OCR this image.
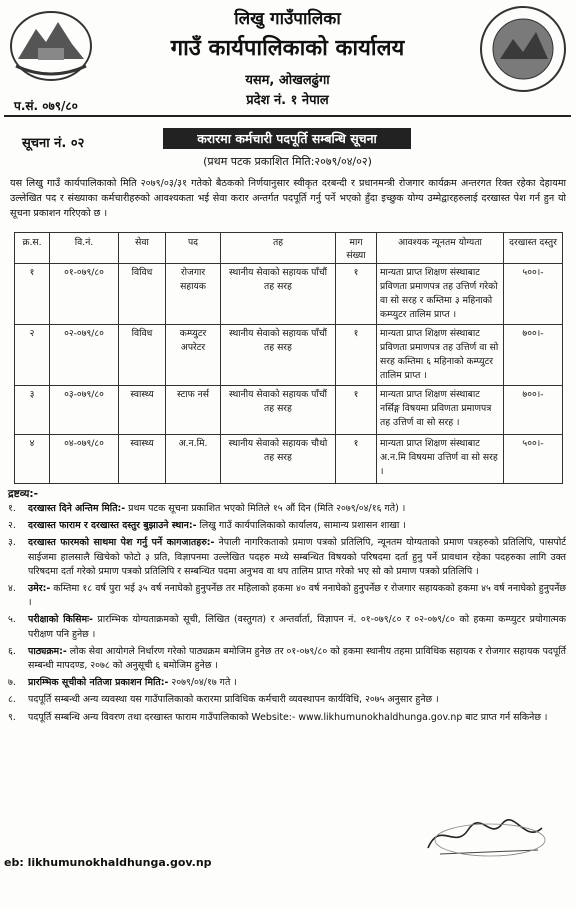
लिखु गाउँपालिका
गाउँ कार्यपालिकाको कार्यालय
यसम, ओखलढुंगा
प्रदेश नं. १ नेपाल
प.सं. ०७९/८०
सूचना नं. ०२	करारमा कर्मचारी पदपूर्ति सम्बन्धि सूचना
(प्रथम पटक प्रकाशित मिति:२०७९/०४/०२)
यस लिखु गाउँ कार्यपालिकाको मिति २०७९/०३/३१ गतेको बैठकको निर्णयानुसार स्वीकृत दरबन्दी र प्रधानमन्त्री रोजगार कार्यक्रम अन्तरगत रिक्त रहेका देहायमा उल्लेखित पद र संख्याका कर्मचारीहरुको आवश्यकता भई सेवा करार अन्तर्गत पदपूर्ति गर्नु पर्ने भएको हुँदा इच्छुक योग्य उम्मेद्वारहरुलाई दरखास्त पेश गर्न हुन यो सूचना प्रकाशन गरिएको छ ।
क्र.स.	वि.नं.	सेवा	पद	तह	माग संख्या	आवश्यक न्यूनतम योग्यता	दरखास्त दस्तुर
१	०१-०७९/८०	विविध	रोजगार सहायक	स्थानीय सेवाको सहायक पाँचौं तह सरह	१	मान्यता प्राप्त शिक्षण संस्थाबाट प्रविणता प्रमाणपत्र तह उत्तिर्ण गरेको वा सो सरह र कम्तिमा ३ महिनाको कम्प्युटर तालिम प्राप्त ।	५००।-
२	०२-०७९/८०	विविध	कम्प्युटर अपरेटर	स्थानीय सेवाको सहायक पाँचौं तह सरह	१	मान्यता प्राप्त शिक्षण संस्थाबाट प्रविणता प्रमाणपत्र तह उत्तिर्ण वा सो सरह कम्तिमा ६ महिनाको कम्प्युटर तालिम प्राप्त ।	७००।-
३	०३-०७९/८०	स्वास्थ्य	स्टाफ नर्स	स्थानीय सेवाको सहायक पाँचौं तह सरह	१	मान्यता प्राप्त शिक्षण संस्थाबाट नर्सिङ्ग विषयमा प्रविणता प्रमाणपत्र तह उत्तिर्ण वा सो सरह ।	७००।-
४	०४-०७९/८०	स्वास्थ्य	अ.न.मि.	स्थानीय सेवाको सहायक चौथो तह सरह	१	मान्यता प्राप्त शिक्षण संस्थाबाट अ.न.मि विषयमा उत्तिर्ण वा सो सरह ।	५००।-
द्रष्टव्य:-
१.	दरखास्त दिने अन्तिम मिति:- प्रथम पटक सूचना प्रकाशित भएको मितिले १५ औं दिन (मिति २०७९/०४/१६ गते) ।
२.	दरखास्त फाराम र दरखास्त दस्तुर बुझाउने स्थान:- लिखु गाउँ कार्यपालिकाको कार्यालय, सामान्य प्रशासन शाखा ।
३.	दरखास्त फारमको साथमा पेश गर्नु पर्ने कागजातहरु:- नेपाली नागरिकताको प्रमाण पत्रको प्रतिलिपि, न्यूनतम योग्यताको प्रमाण पत्रहरुको प्रतिलिपि, पासपोर्ट साईजमा हालसालै खिचेको फोटो ३ प्रति, विज्ञापनमा उल्लेखित पदहरु मध्ये सम्बन्धित विषयको परिषदमा दर्ता हुनु पर्ने प्रावधान रहेका पदहरुका लागि उक्त परिषदमा दर्ता गरेको प्रमाण पत्रको प्रतिलिपि र सम्बन्धित पदमा अनुभव वा थप तालिम प्राप्त गरेको भए सो को प्रमाण पत्रको प्रतिलिपि ।
४.	उमेर:- कम्तिमा १८ वर्ष पुरा भई ३५ वर्ष ननाघेको हुनुपर्नेछ तर महिलाको हकमा ४० वर्ष ननाघेको हुनुपर्नेछ र रोजगार सहायकको हकमा ४५ वर्ष ननाघेको हुनुपर्नेछ ।
५.	परीक्षाको किसिमः- प्रारम्भिक योग्यताक्रमको सूची, लिखित (वस्तुगत) र अन्तर्वार्ता, विज्ञापन नं. ०१-०७९/८० र ०२-०७९/८० को हकमा कम्प्युटर प्रयोगात्मक परीक्षण पनि हुनेछ ।
६.	पाठ्यक्रम:- लोक सेवा आयोगले निर्धारण गरेको पाठ्यक्रम बमोजिम हुनेछ तर ०१-०७९/८० को हकमा स्थानीय तहमा प्राविधिक सहायक र रोजगार सहायक पदपूर्ति सम्बन्धी मापदण्ड, २०७८ को अनुसूची ६ बमोजिम हुनेछ ।
७.	प्रारम्भिक सूचीको नतिजा प्रकाशन मिति:- २०७९/०४/१७ गते ।
८.	पदपूर्ति सम्बन्धी अन्य व्यवस्था यस गाउँपालिकाको करारमा प्राविधिक कर्मचारी व्यवस्थापन कार्यविधि, २०७५ अनुसार हुनेछ ।
९.	पदपूर्ति सम्बन्धि अन्य विवरण तथा दरखास्त फाराम गाउँपालिकाको Website:- www.likhumunokhaldhunga.gov.np बाट प्राप्त गर्न सकिनेछ ।
eb: likhumunokhaldhunga.gov.np
